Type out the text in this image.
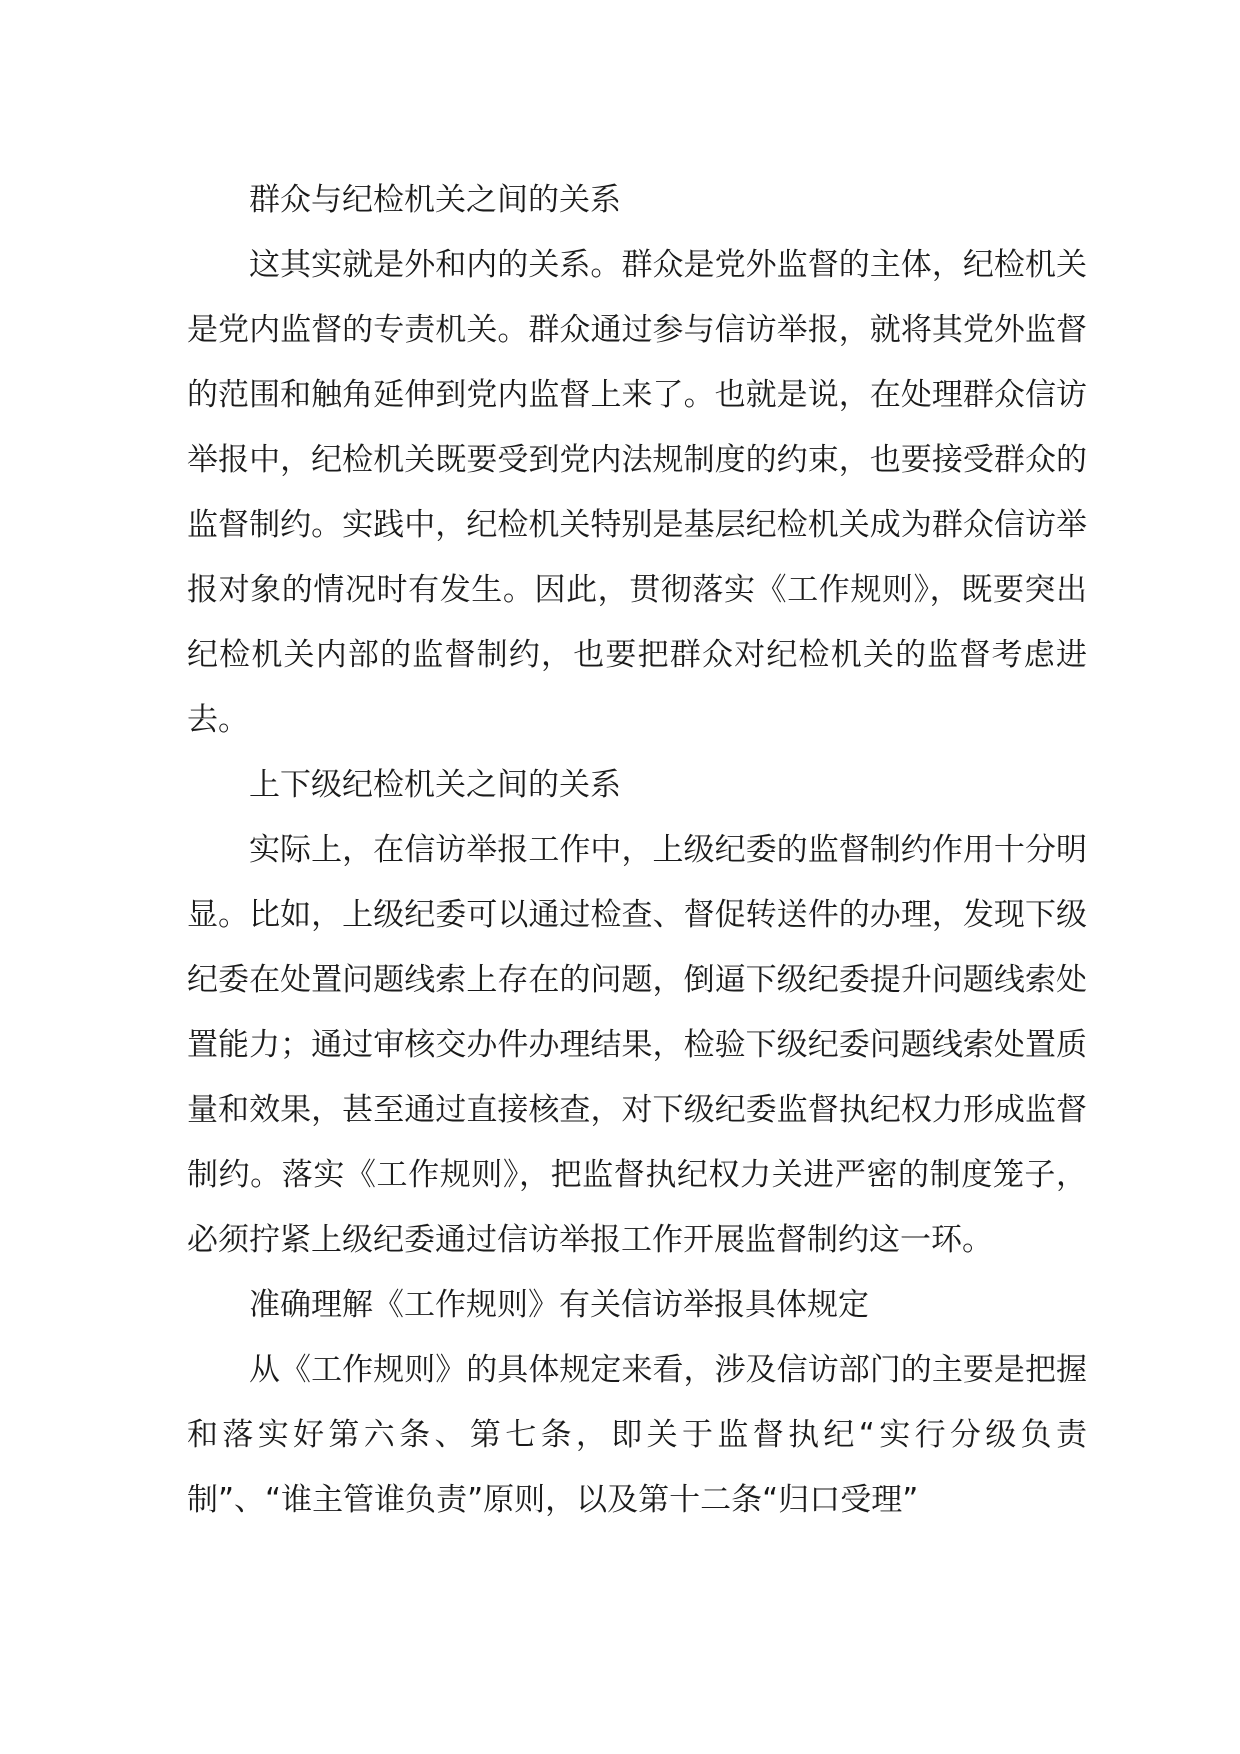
群众与纪检机关之间的关系

这其实就是外和内的关系。群众是党外监督的主体，纪检机关是党内监督的专责机关。群众通过参与信访举报，就将其党外监督的范围和触角延伸到党内监督上来了。也就是说，在处理群众信访举报中，纪检机关既要受到党内法规制度的约束，也要接受群众的监督制约。实践中，纪检机关特别是基层纪检机关成为群众信访举报对象的情况时有发生。因此，贯彻落实《工作规则》，既要突出纪检机关内部的监督制约，也要把群众对纪检机关的监督考虑进去。

上下级纪检机关之间的关系

实际上，在信访举报工作中，上级纪委的监督制约作用十分明显。比如，上级纪委可以通过检查、督促转送件的办理，发现下级纪委在处置问题线索上存在的问题，倒逼下级纪委提升问题线索处置能力；通过审核交办件办理结果，检验下级纪委问题线索处置质量和效果，甚至通过直接核查，对下级纪委监督执纪权力形成监督制约。落实《工作规则》，把监督执纪权力关进严密的制度笼子，必须拧紧上级纪委通过信访举报工作开展监督制约这一环。

准确理解《工作规则》有关信访举报具体规定

从《工作规则》的具体规定来看，涉及信访部门的主要是把握和落实好第六条、第七条，即关于监督执纪“实行分级负责制”、“谁主管谁负责”原则，以及第十二条“归口受理”
